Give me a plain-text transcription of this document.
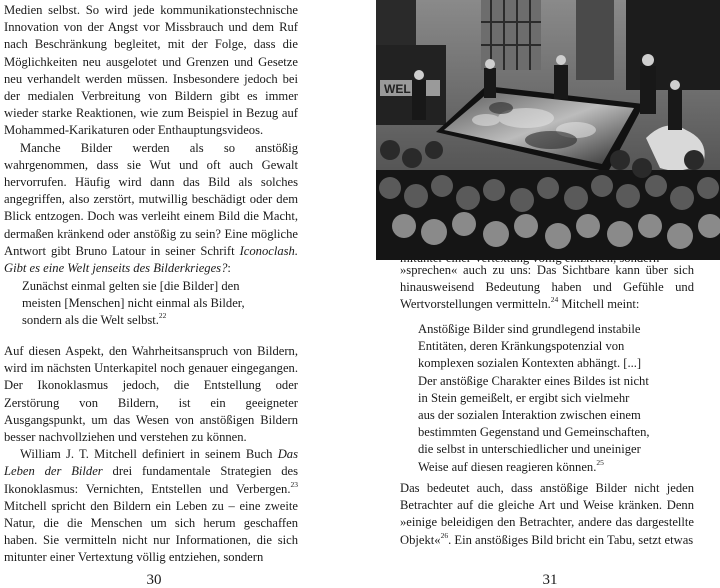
Medien selbst. So wird jede kommunikationstechnische Innovation von der Angst vor Missbrauch und dem Ruf nach Beschränkung begleitet, mit der Folge, dass die Möglichkeiten neu ausgelotet und Grenzen und Gesetze neu verhandelt werden müssen. Insbesondere jedoch bei der medialen Verbreitung von Bildern gibt es immer wieder starke Reaktionen, wie zum Beispiel in Bezug auf Mohammed-Karikaturen oder Enthauptungsvideos.

Manche Bilder werden als so anstößig wahrgenommen, dass sie Wut und oft auch Gewalt hervorrufen. Häufig wird dann das Bild als solches angegriffen, also zerstört, mutwillig beschädigt oder dem Blick entzogen. Doch was verleiht einem Bild die Macht, dermaßen kränkend oder anstößig zu sein? Eine mögliche Antwort gibt Bruno Latour in seiner Schrift Iconoclash. Gibt es eine Welt jenseits des Bilderkrieges?:

Zunächst einmal gelten sie [die Bilder] den

meisten [Menschen] nicht einmal als Bilder,

sondern als die Welt selbst.$^{22}$

Auf diesen Aspekt, den Wahrheitsanspruch von Bildern, wird im nächsten Unterkapitel noch genauer eingegangen. Der Ikonoklasmus jedoch, die Entstellung oder Zerstörung von Bildern, ist ein geeigneter Ausgangspunkt, um das Wesen von anstößigen Bildern besser nachvollziehen und verstehen zu können.

William J. T. Mitchell definiert in seinem Buch Das Leben der Bilder drei fundamentale Strategien des Ikonoklasmus: Vernichten, Entstellen und Verbergen.$^{23}$ Mitchell spricht den Bildern ein Leben zu – eine zweite Natur, die die Menschen um sich herum geschaffen haben. Sie vermitteln nicht nur Informationen, die sich mitunter einer Vertextung völlig entziehen, sondern

30

WEL

»sprechen« auch zu uns: Das Sichtbare kann über sich hinausweisend Bedeutung haben und Gefühle und Wertvorstellungen vermitteln.$^{24}$ Mitchell meint:

Anstößige Bilder sind grundlegend instabile

Entitäten, deren Kränkungspotenzial von

komplexen sozialen Kontexten abhängt. [...]

Der anstößige Charakter eines Bildes ist nicht

in Stein gemeißelt, er ergibt sich vielmehr

aus der sozialen Interaktion zwischen einem

bestimmten Gegenstand und Gemeinschaften,

die selbst in unterschiedlicher und uneiniger

Weise auf diesen reagieren können.$^{25}$

Das bedeutet auch, dass anstößige Bilder nicht jeden Betrachter auf die gleiche Art und Weise kränken. Denn »einige beleidigen den Betrachter, andere das dargestellte Objekt«$^{26}$. Ein anstößiges Bild bricht ein Tabu, setzt etwas

31
